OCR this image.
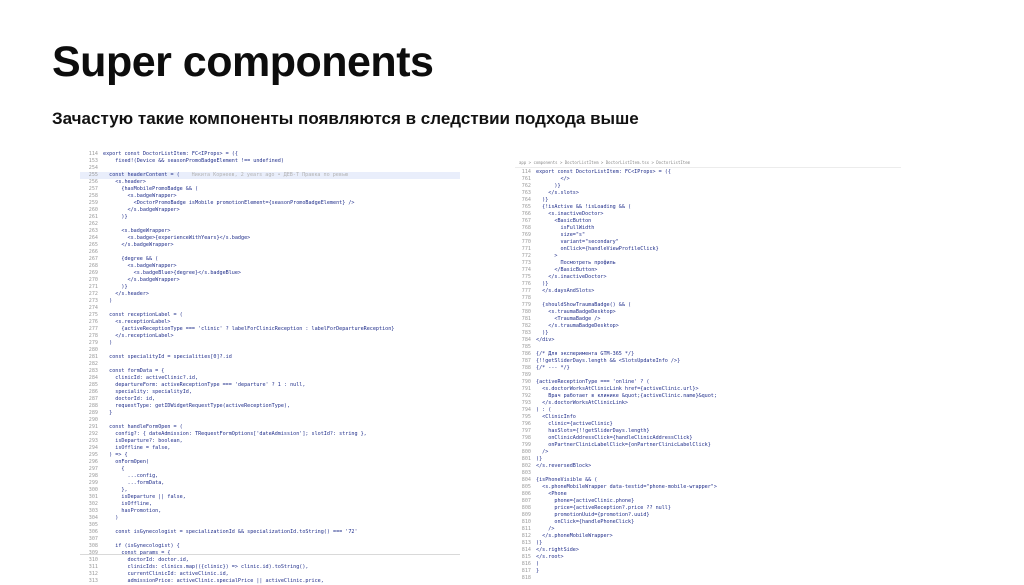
Super components
Зачастую такие компоненты появляются в следствии подхода выше
114 export const DoctorListItem: FC<IProps> = ({
153 fixed!(Device && seasonPromoBadgeElement !== undefined)
254
255 const headerContent = ( Никита Корнеев, 2 years ago • ДЕВ-Т Правка по ревью
256 <s.header>
257 {hasMobilePromoBadge && (
258 <s.badgeWrapper>
259 <DoctorPromoBadge isMobile promotionElement={seasonPromoBadgeElement} />
260 </s.badgeWrapper>
261 )}
262
263 <s.badgeWrapper>
264 <s.badge>{experienceWithYears}</s.badge>
265 </s.badgeWrapper>
266
267 {degree && (
268 <s.badgeWrapper>
269 <s.badgeBlue>{degree}</s.badgeBlue>
270 </s.badgeWrapper>
271 )}
272 </s.header>
273 )
274
275 const receptionLabel = (
276 <s.receptionLabel>
277 {activeReceptionType === 'clinic' ? labelForClinicReception : labelForDepartureReception}
278 </s.receptionLabel>
279 )
280
281 const specialityId = specialities[0]?.id
282
283 const formData = {
284 clinicId: activeClinic?.id,
285 departureForm: activeReceptionType === 'departure' ? 1 : null,
286 speciality: specialityId,
287 doctorId: id,
288 requestType: getIDWidgetRequestType(activeReceptionType),
289 }
290
291 const handleFormOpen = (
292 config?: { dateAdmission: TRequestFormOptions['dateAdmission']; slotId?: string },
293 isDeparture?: boolean,
294 isOffline = false,
295 ) => {
296 onFormOpen(
297 {
298 ...config,
299 ...formData,
300 },
301 isDeparture || false,
302 isOffline,
303 hasPromotion,
304 )
305
306 const isGynecologist = specializationId && specializationId.toString() === '72'
307
308 if (isGynecologist) {
309 const params = {
310 doctorId: doctor.id,
311 clinicIds: clinics.map(({clinic}) => clinic.id).toString(),
312 currentClinicId: activeClinic.id,
313 admissionPrice: activeClinic.specialPrice || activeClinic.price,
app > components > DoctorListItem > DoctorListItem.tsx > DoctorListItem
114 export const DoctorListItem: FC<IProps> = ({
761 </>
762 )}
763 </s.slots>
764 )}
765 {!isActive && !isLoading && (
766 <s.inactiveDoctor>
767 <BasicButton
768 isFullWidth
769 size="s"
770 variant="secondary"
771 onClick={handleViewProfileClick}
772 >
773 Посмотреть профиль
774 </BasicButton>
775 </s.inactiveDoctor>
776 )}
777 </s.daysAndSlots>
778
779 {shouldShowTraumaBadge() && (
780 <s.traumaBadgeDesktop>
781 <TraumaBadge />
782 </s.traumaBadgeDesktop>
783 )}
784 </div>
785
786 {/* Для эксперимента GTM-365 */}
787 {!!getSliderDays.length && <SlotsUpdateInfo />}
788 {/* --- */}
789
790 {activeReceptionType === 'online' ? (
791 <s.doctorWorksAtClinicLink href={activeClinic.url}>
792 Врач работает в клинике &quot;{activeClinic.name}&quot;
793 </s.doctorWorksAtClinicLink>
794 ) : (
795 <ClinicInfo
796 clinic={activeClinic}
797 hasSlots={!!getSliderDays.length}
798 onClinicAddressClick={handleClinicAddressClick}
799 onPartnerClinicLabelClick={onPartnerClinicLabelClick}
800 />
801 )}
802 </s.reversedBlock>
803
804 {isPhoneVisible && (
805 <s.phoneMobileWrapper data-testid="phone-mobile-wrapper">
806 <Phone
807 phone={activeClinic.phone}
808 price={activeReception?.price ?? null}
809 promotionUuid={promotion?.uuid}
810 onClick={handlePhoneClick}
811 />
812 </s.phoneMobileWrapper>
813 )}
814 </s.rightSide>
815 </s.root>
816 )
817 }
818
